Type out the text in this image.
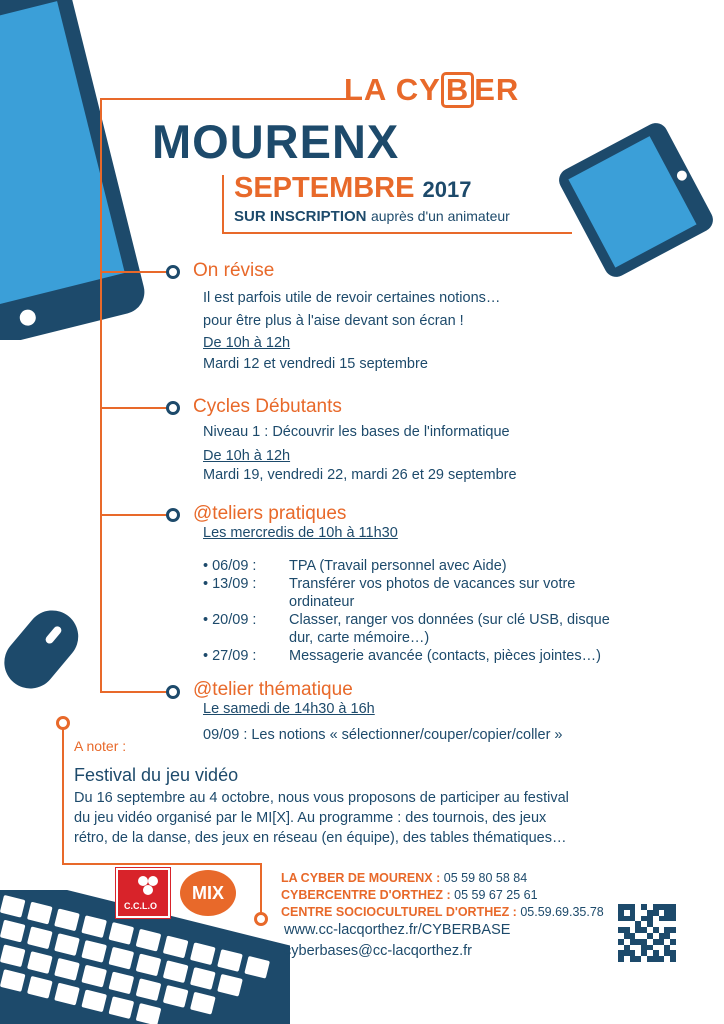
LA CY B ER
MOURENX
SEPTEMBRE 2017
SUR INSCRIPTION auprès d'un animateur
On révise
Il est parfois utile de revoir certaines notions…
pour être plus à l'aise devant son écran !
De 10h à 12h
Mardi 12 et vendredi 15 septembre
Cycles Débutants
Niveau 1 : Découvrir les bases de l'informatique
De 10h à 12h
Mardi 19, vendredi 22, mardi 26 et 29 septembre
@teliers pratiques
Les mercredis de 10h à 11h30
• 06/09 : TPA (Travail personnel avec Aide)
• 13/09 : Transférer vos photos de vacances sur votre
ordinateur
• 20/09 : Classer, ranger vos données (sur clé USB, disque
dur, carte mémoire…)
• 27/09 : Messagerie avancée (contacts, pièces jointes…)
@telier thématique
Le samedi de 14h30 à 16h
09/09 : Les notions « sélectionner/couper/copier/coller »
A noter :
Festival du jeu vidéo
Du 16 septembre au 4 octobre, nous vous proposons de participer au festival
du jeu vidéo organisé par le MI[X]. Au programme : des tournois, des jeux
rétro, de la danse, des jeux en réseau (en équipe), des tables thématiques…
C.C.L.O
MIX
LA CYBER DE MOURENX : 05 59 80 58 84
CYBERCENTRE D'ORTHEZ : 05 59 67 25 61
CENTRE SOCIOCULTUREL D'ORTHEZ : 05.59.69.35.78
www.cc-lacqorthez.fr/CYBERBASE
cyberbases@cc-lacqorthez.fr
